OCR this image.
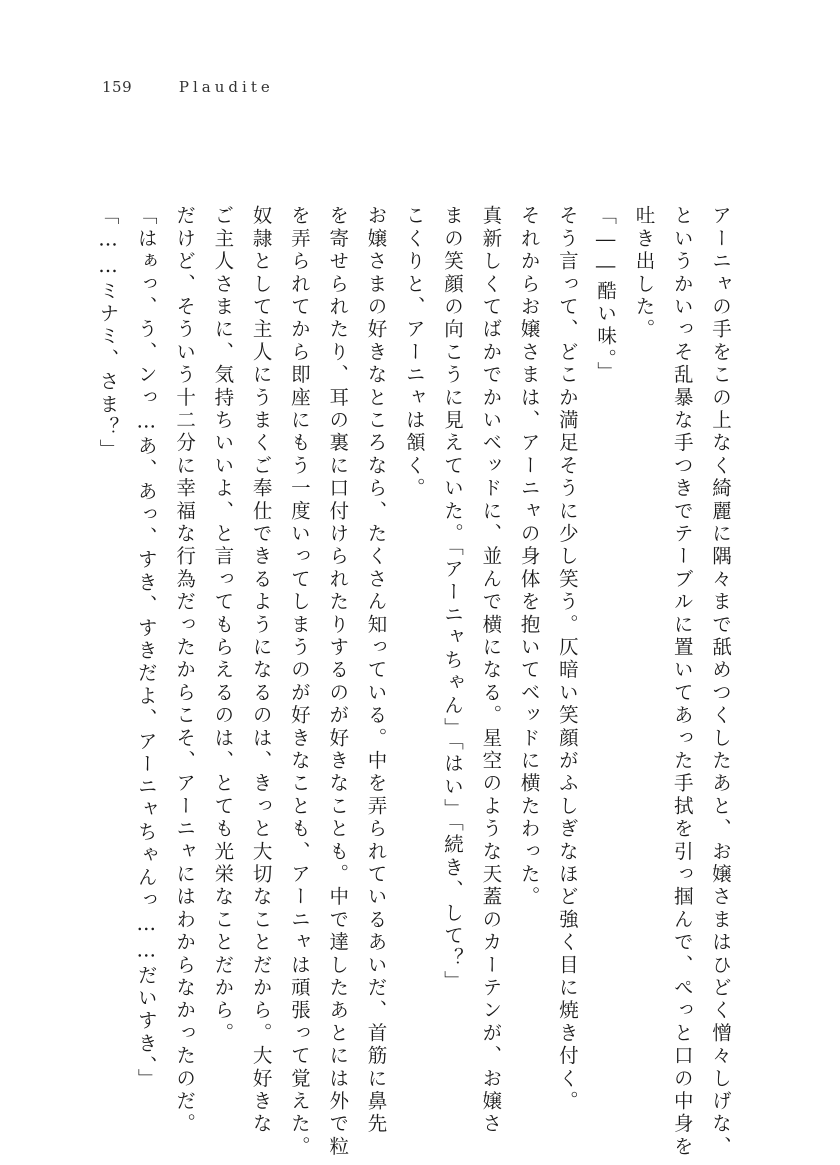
159	Plaudite
アーニャの手をこの上なく綺麗に隅々まで舐めつくしたあと、お嬢さまはひどく憎々しげな、
というかいっそ乱暴な手つきでテーブルに置いてあった手拭を引っ掴んで、ぺっと口の中身を
吐き出した。
「――酷い味。」
そう言って、どこか満足そうに少し笑う。仄暗い笑顔がふしぎなほど強く目に焼き付く。
それからお嬢さまは、アーニャの身体を抱いてベッドに横たわった。
真新しくてばかでかいベッドに、並んで横になる。星空のような天蓋のカーテンが、お嬢さ
まの笑顔の向こうに見えていた。「アーニャちゃん」「はい」「続き、して？」
こくりと、アーニャは頷く。
お嬢さまの好きなところなら、たくさん知っている。中を弄られているあいだ、首筋に鼻先
を寄せられたり、耳の裏に口付けられたりするのが好きなことも。中で達したあとには外で粒
を弄られてから即座にもう一度いってしまうのが好きなことも、アーニャは頑張って覚えた。
奴隷として主人にうまくご奉仕できるようになるのは、きっと大切なことだから。大好きな
ご主人さまに、気持ちいいよ、と言ってもらえるのは、とても光栄なことだから。
だけど、そういう十二分に幸福な行為だったからこそ、アーニャにはわからなかったのだ。
「はぁっ、う、ンっ…あ、あっ、すき、すきだよ、アーニャちゃんっ……だいすき、」
「……ミナミ、さま？」
